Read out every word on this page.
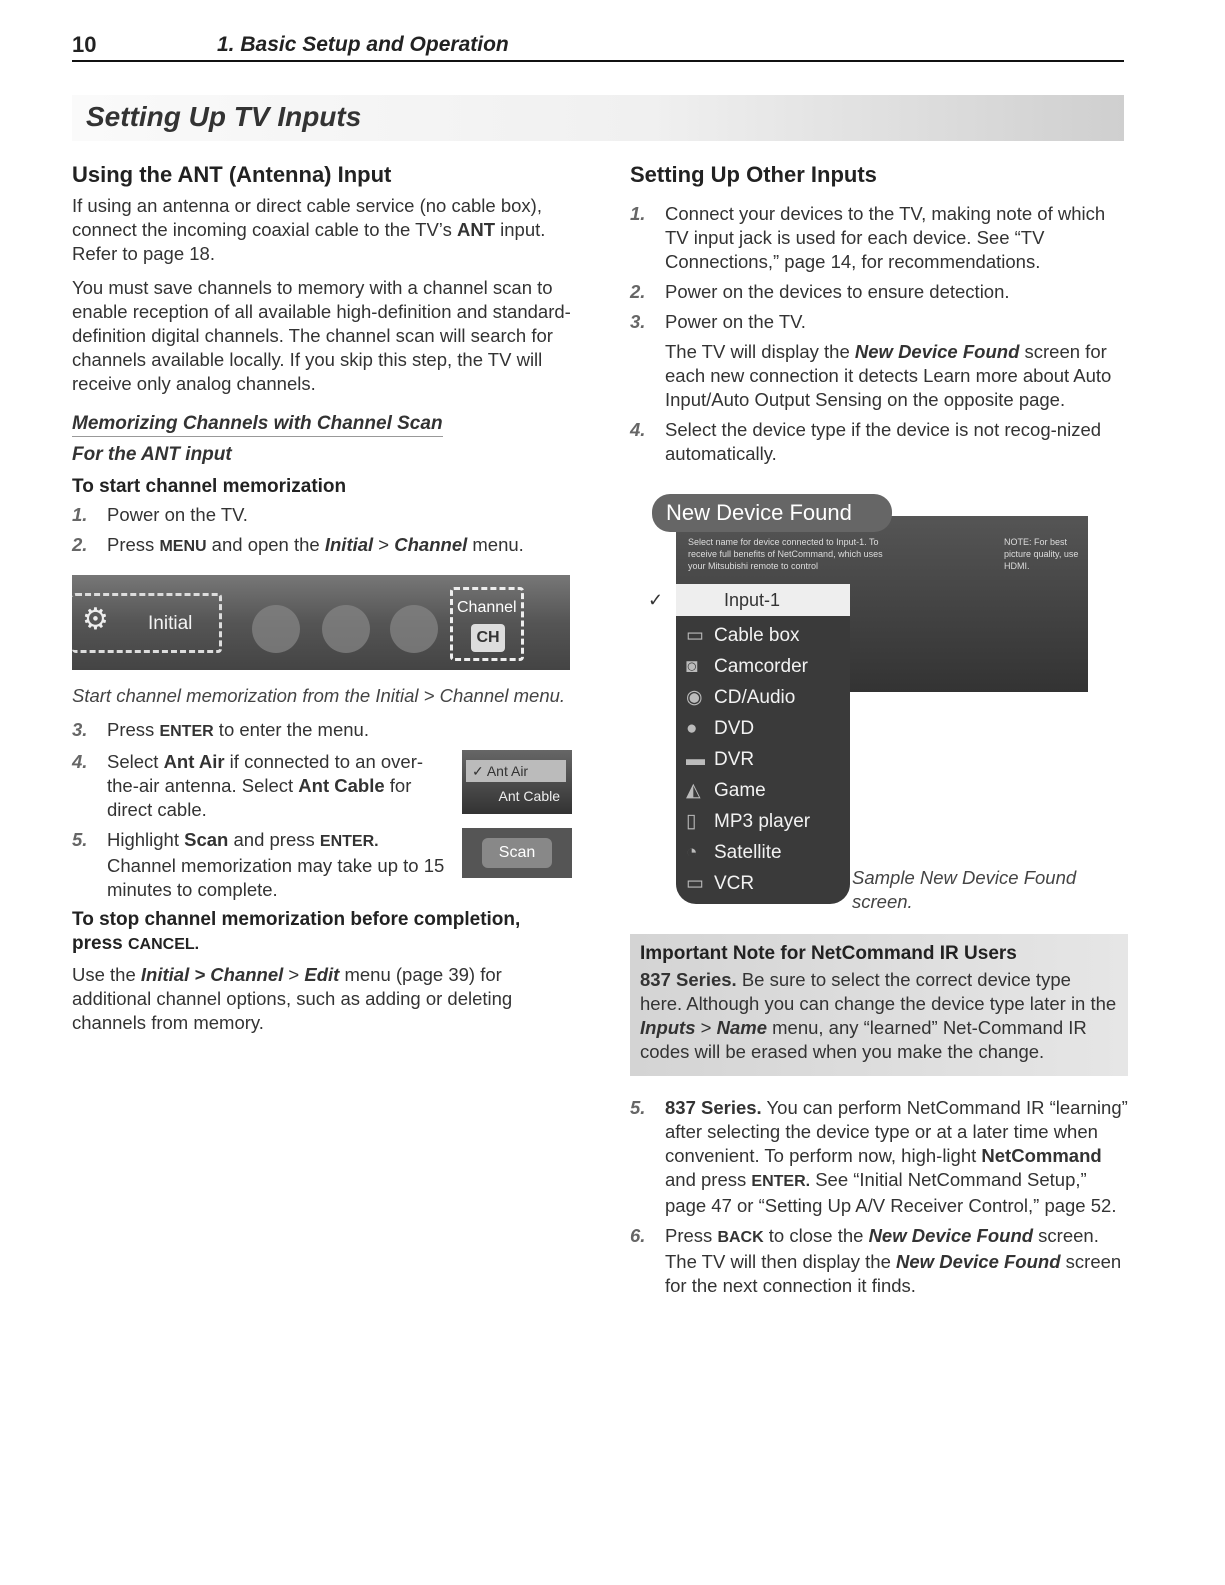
10	1. Basic Setup and Operation
Setting Up TV Inputs
Using the ANT (Antenna) Input

If using an antenna or direct cable service (no cable box), connect the incoming coaxial cable to the TV’s ANT input. Refer to page 18.

You must save channels to memory with a channel scan to enable reception of all available high-definition and standard-definition digital channels. The channel scan will search for channels available locally. If you skip this step, the TV will receive only analog channels.

Memorizing Channels with Channel Scan
For the ANT input
To start channel memorization
1. Power on the TV.
2. Press MENU and open the Initial > Channel menu.
⚙ Initial
Channel
CH

Start channel memorization from the Initial > Channel menu.

3. Press ENTER to enter the menu.
✓ Ant Air
Ant Cable
4. Select Ant Air if connected to an over-the-air antenna. Select Ant Cable for direct cable.
Scan
5. Highlight Scan and press ENTER. Channel memorization may take up to 15 minutes to complete.
To stop channel memorization before completion, press CANCEL.

Use the Initial > Channel > Edit menu (page 39) for additional channel options, such as adding or deleting channels from memory.

Setting Up Other Inputs
1. Connect your devices to the TV, making note of which TV input jack is used for each device. See “TV Connections,” page 14, for recommendations.
2. Power on the devices to ensure detection.
3. Power on the TV.
The TV will display the New Device Found screen for each new connection it detects Learn more about Auto Input/Auto Output Sensing on the opposite page.
4. Select the device type if the device is not recog-nized automatically.
Select name for device connected to Input-1. To receive full benefits of NetCommand, which uses your Mitsubishi remote to control
NOTE: For best picture quality, use HDMI.
New Device Found
✓	Input-1
▭ Cable box
◙ Camcorder
◉ CD/Audio
● DVD
▬ DVR
◭ Game
▯ MP3 player
◔ Satellite
▭ VCR	Sample New Device Found screen.
Important Note for NetCommand IR Users

837 Series. Be sure to select the correct device type here. Although you can change the device type later in the Inputs > Name menu, any “learned” Net-Command IR codes will be erased when you make the change.

5. 837 Series. You can perform NetCommand IR “learning” after selecting the device type or at a later time when convenient. To perform now, high-light NetCommand and press ENTER. See “Initial NetCommand Setup,” page 47 or “Setting Up A/V Receiver Control,” page 52.
6. Press BACK to close the New Device Found screen. The TV will then display the New Device Found screen for the next connection it finds.
